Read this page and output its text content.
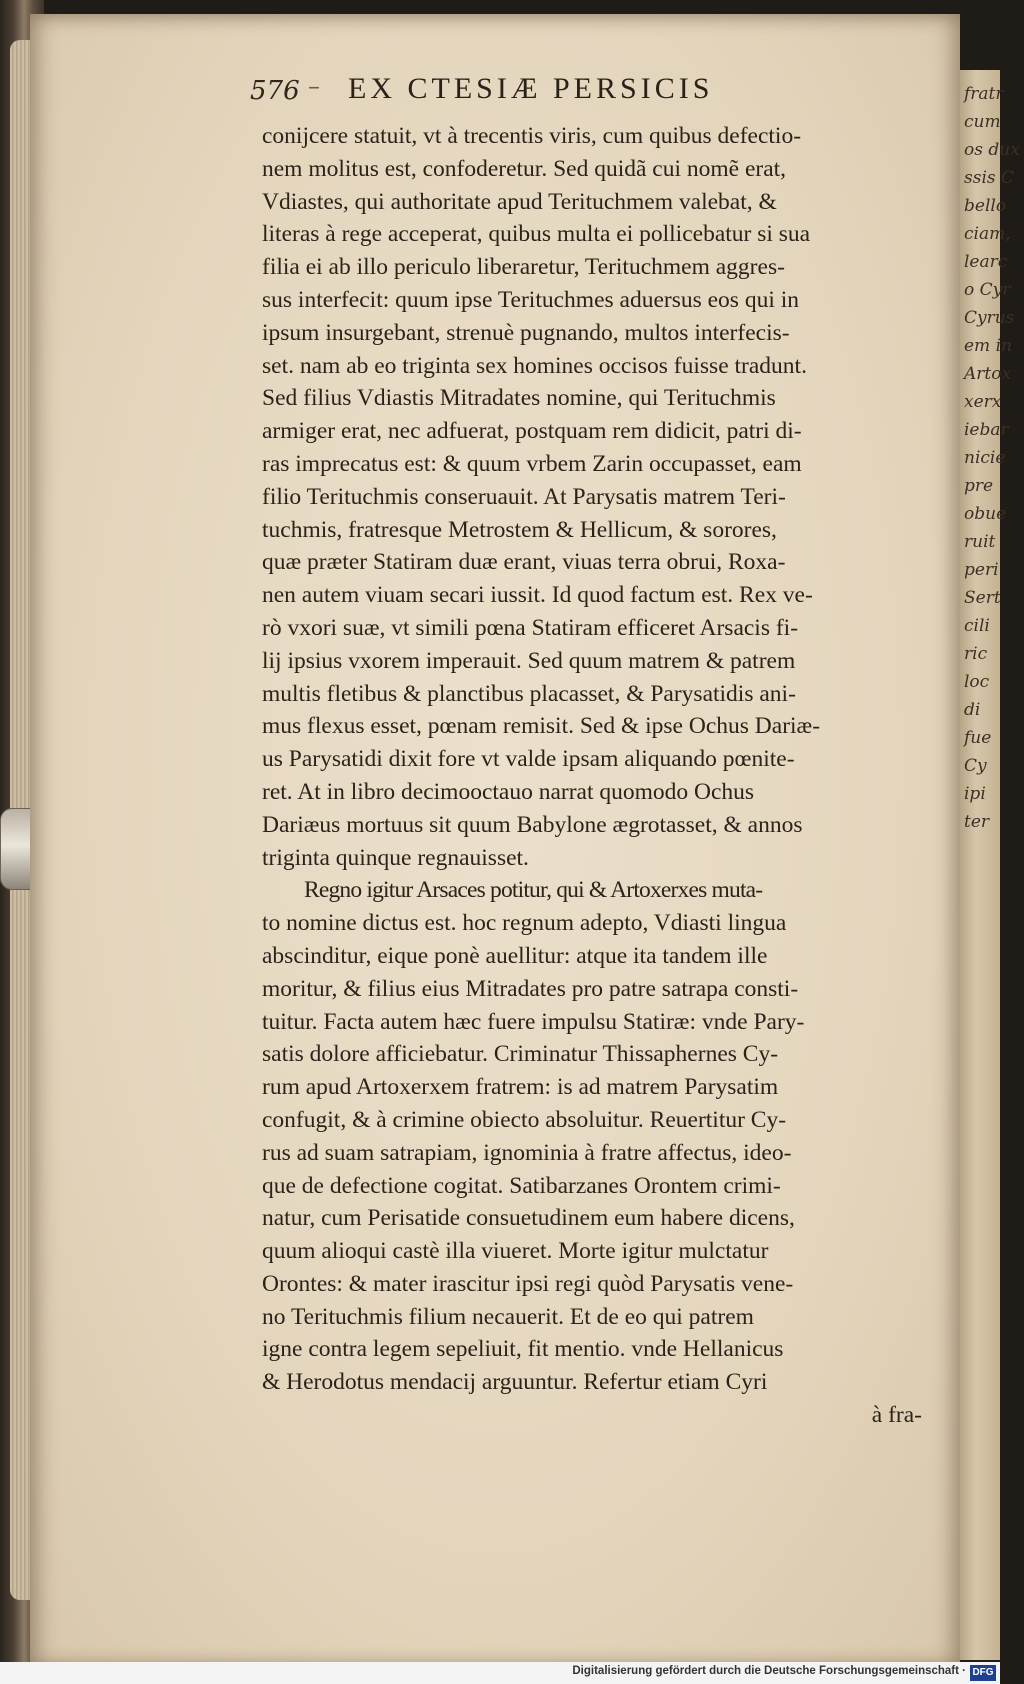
fratr
cum
os dux
ssis C
bello
ciam,
learc
o Cyr
Cyrus
em in
Artox
xerx
iebar
nicie
pre
obue
ruit
peri
Sert
cili
ric
loc
di
fue
Cy
ipi
ter
576 – EX CTESIÆ PERSICIS
conijcere statuit, vt à trecentis viris, cum quibus defectio-
nem molitus est, confoderetur. Sed quidã cui nomẽ erat,
Vdiastes, qui authoritate apud Terituchmem valebat, &
literas à rege acceperat, quibus multa ei pollicebatur si sua
filia ei ab illo periculo liberaretur, Terituchmem aggres-
sus interfecit: quum ipse Terituchmes aduersus eos qui in
ipsum insurgebant, strenuè pugnando, multos interfecis-
set. nam ab eo triginta sex homines occisos fuisse tradunt.
Sed filius Vdiastis Mitradates nomine, qui Terituchmis
armiger erat, nec adfuerat, postquam rem didicit, patri di-
ras imprecatus est: & quum vrbem Zarin occupasset, eam
filio Terituchmis conseruauit. At Parysatis matrem Teri-
tuchmis, fratresque Metrostem & Hellicum, & sorores,
quæ præter Statiram duæ erant, viuas terra obrui, Roxa-
nen autem viuam secari iussit. Id quod factum est. Rex ve-
rò vxori suæ, vt simili pœna Statiram efficeret Arsacis fi-
lij ipsius vxorem imperauit. Sed quum matrem & patrem
multis fletibus & planctibus placasset, & Parysatidis ani-
mus flexus esset, pœnam remisit. Sed & ipse Ochus Dariæ-
us Parysatidi dixit fore vt valde ipsam aliquando pœnite-
ret. At in libro decimooctauo narrat quomodo Ochus
Dariæus mortuus sit quum Babylone ægrotasset, & annos
triginta quinque regnauisset.
Regno igitur Arsaces potitur, qui & Artoxerxes muta-
to nomine dictus est. hoc regnum adepto, Vdiasti lingua
abscinditur, eique ponè auellitur: atque ita tandem ille
moritur, & filius eius Mitradates pro patre satrapa consti-
tuitur. Facta autem hæc fuere impulsu Statiræ: vnde Pary-
satis dolore afficiebatur. Criminatur Thissaphernes Cy-
rum apud Artoxerxem fratrem: is ad matrem Parysatim
confugit, & à crimine obiecto absoluitur. Reuertitur Cy-
rus ad suam satrapiam, ignominia à fratre affectus, ideo-
que de defectione cogitat. Satibarzanes Orontem crimi-
natur, cum Perisatide consuetudinem eum habere dicens,
quum alioqui castè illa viueret. Morte igitur mulctatur
Orontes: & mater irascitur ipsi regi quòd Parysatis vene-
no Terituchmis filium necauerit. Et de eo qui patrem
igne contra legem sepeliuit, fit mentio. vnde Hellanicus
& Herodotus mendacij arguuntur. Refertur etiam Cyri
à fra-
Digitalisierung gefördert durch die Deutsche Forschungsgemeinschaft · DFG
